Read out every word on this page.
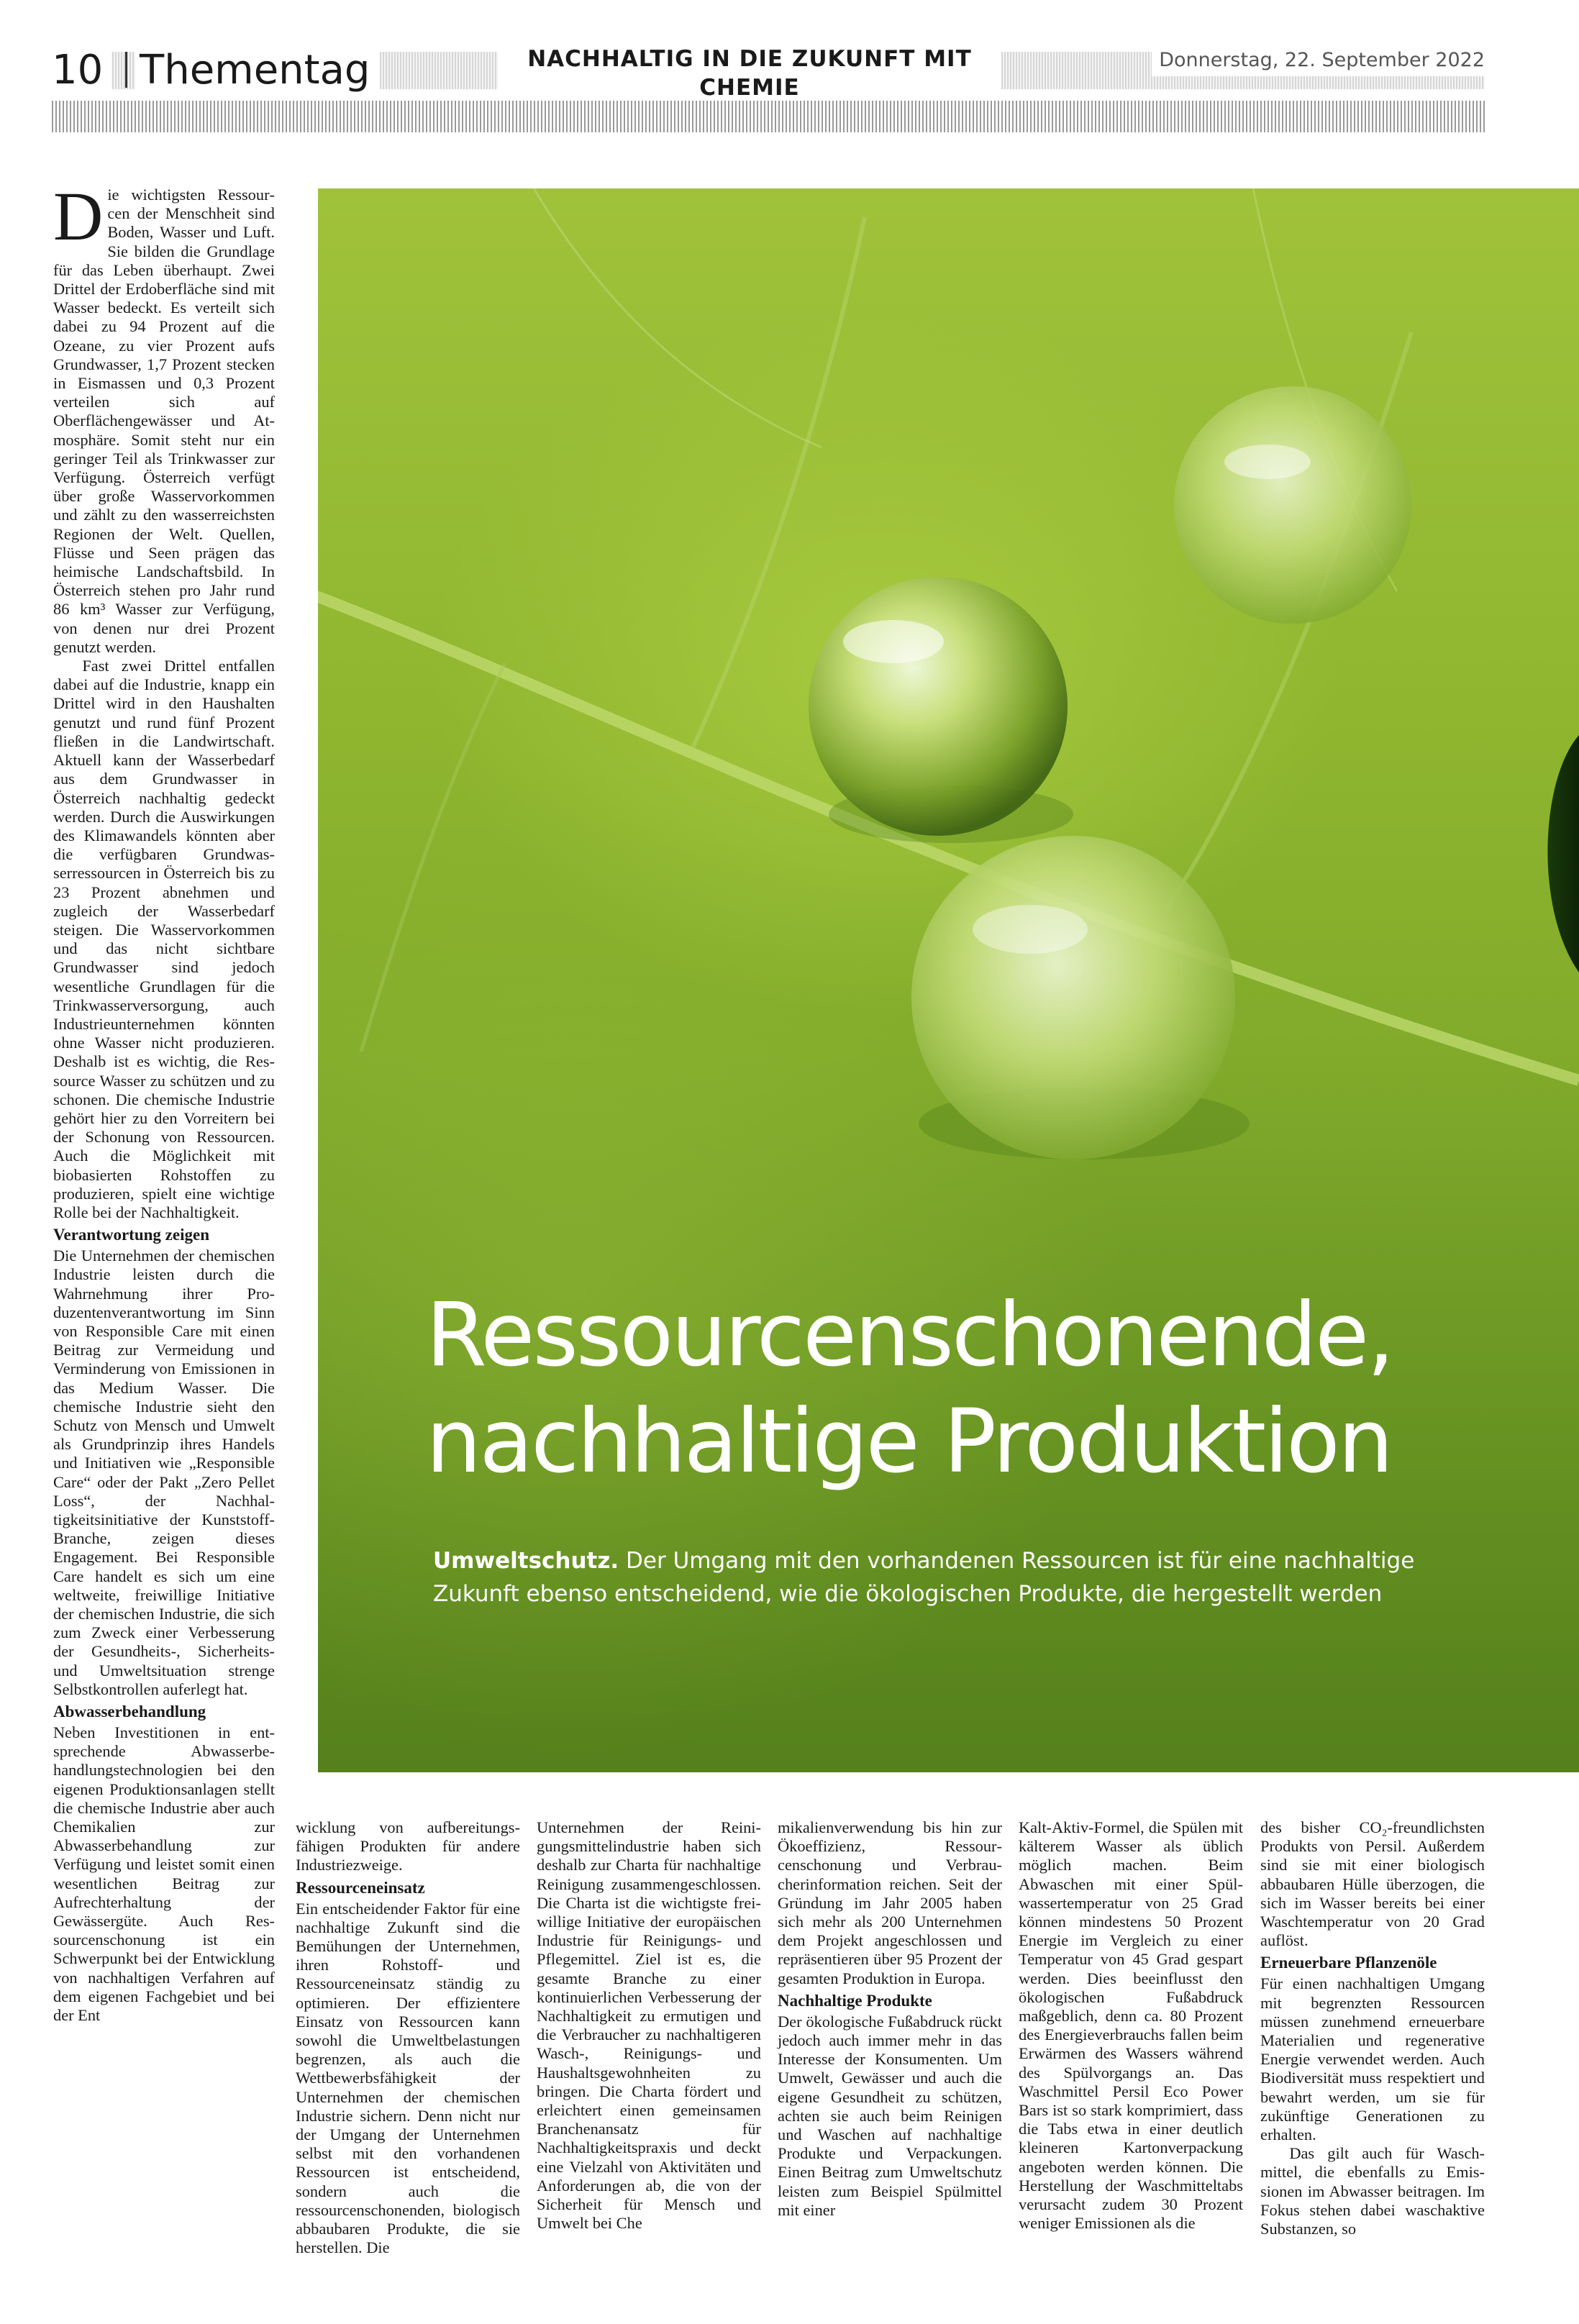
10 Thementag	NACHHALTIG IN DIE ZUKUNFT MIT CHEMIE
Donnerstag, 22. September 2022
Ressourcenschonende,
nachhaltige Produktion
Umweltschutz. Der Umgang mit den vorhandenen Ressourcen ist für eine nachhaltige Zukunft ebenso entscheidend, wie die ökologischen Produkte, die hergestellt werden

Die wichtigsten Ressourcen der Menschheit sind Boden, Wasser und Luft. Sie bilden die Grundlage für das Leben überhaupt. Zwei Drittel der Erdoberfläche sind mit Wasser bedeckt. Es verteilt sich dabei zu 94 Prozent auf die Ozeane, zu vier Prozent aufs Grundwasser, 1,7 Prozent stecken in Eismassen und 0,3 Prozent verteilen sich auf Oberflächengewässer und Atmosphäre. Somit steht nur ein geringer Teil als Trinkwasser zur Verfügung. Österreich verfügt über große Wasservorkommen und zählt zu den wasserreichsten Regionen der Welt. Quellen, Flüsse und Seen prägen das heimische Landschaftsbild. In Österreich stehen pro Jahr rund 86 km³ Wasser zur Verfügung, von denen nur drei Prozent genutzt werden.

Fast zwei Drittel entfallen dabei auf die Industrie, knapp ein Drittel wird in den Haushalten genutzt und rund fünf Prozent fließen in die Landwirtschaft. Aktuell kann der Wasserbedarf aus dem Grundwasser in Österreich nachhaltig gedeckt werden. Durch die Auswirkungen des Klimawandels könnten aber die verfügbaren Grundwasserressourcen in Österreich bis zu 23 Prozent abnehmen und zugleich der Wasserbedarf steigen. Die Wasservorkommen und das nicht sichtbare Grundwasser sind jedoch wesentliche Grundlagen für die Trinkwasserversorgung, auch Industrieunternehmen könnten ohne Wasser nicht produzieren. Deshalb ist es wichtig, die Ressource Wasser zu schützen und zu schonen. Die chemische Industrie gehört hier zu den Vorreitern bei der Schonung von Ressourcen. Auch die Möglichkeit mit biobasierten Rohstoffen zu produzieren, spielt eine wichtige Rolle bei der Nachhaltigkeit.

Verantwortung zeigen

Die Unternehmen der chemischen Industrie leisten durch die Wahrnehmung ihrer Produzentenverantwortung im Sinn von Responsible Care mit einen Beitrag zur Vermeidung und Verminderung von Emissionen in das Medium Wasser. Die chemische Industrie sieht den Schutz von Mensch und Umwelt als Grundprinzip ihres Handels und Initiativen wie „Responsible Care“ oder der Pakt „Zero Pellet Loss“, der Nachhaltigkeitsinitiative der Kunststoff-Branche, zeigen dieses Engagement. Bei Responsible Care handelt es sich um eine weltweite, freiwillige Initiative der chemischen Industrie, die sich zum Zweck einer Verbesserung der Gesundheits-, Sicherheits- und Umweltsituation strenge Selbstkontrollen auferlegt hat.

Abwasserbehandlung

Neben Investitionen in entsprechende Abwasserbehandlungstechnologien bei den eigenen Produktionsanlagen stellt die chemische Industrie aber auch Chemikalien zur Abwasserbehandlung zur Verfügung und leistet somit einen wesentlichen Beitrag zur Aufrechterhaltung der Gewässergüte. Auch Ressourcenschonung ist ein Schwerpunkt bei der Entwicklung von nachhaltigen Verfahren auf dem eigenen Fachgebiet und bei der Ent

wicklung von aufbereitungsfähigen Produkten für andere Industriezweige.

Ressourceneinsatz

Ein entscheidender Faktor für eine nachhaltige Zukunft sind die Bemühungen der Unternehmen, ihren Rohstoff- und Ressourceneinsatz ständig zu optimieren. Der effizientere Einsatz von Ressourcen kann sowohl die Umweltbelastungen begrenzen, als auch die Wettbewerbsfähigkeit der Unternehmen der chemischen Industrie sichern. Denn nicht nur der Umgang der Unternehmen selbst mit den vorhandenen Ressourcen ist entscheidend, sondern auch die ressourcenschonenden, biologisch abbaubaren Produkte, die sie herstellen. Die

Unternehmen der Reinigungsmittelindustrie haben sich deshalb zur Charta für nachhaltige Reinigung zusammengeschlossen. Die Charta ist die wichtigste freiwillige Initiative der europäischen Industrie für Reinigungs- und Pflegemittel. Ziel ist es, die gesamte Branche zu einer kontinuierlichen Verbesserung der Nachhaltigkeit zu ermutigen und die Verbraucher zu nachhaltigeren Wasch-, Reinigungs- und Haushaltsgewohnheiten zu bringen. Die Charta fördert und erleichtert einen gemeinsamen Branchenansatz für Nachhaltigkeitspraxis und deckt eine Vielzahl von Aktivitäten und Anforderungen ab, die von der Sicherheit für Mensch und Umwelt bei Che

mikalienverwendung bis hin zur Ökoeffizienz, Ressourcenschonung und Verbraucherinformation reichen. Seit der Gründung im Jahr 2005 haben sich mehr als 200 Unternehmen dem Projekt angeschlossen und repräsentieren über 95 Prozent der gesamten Produktion in Europa.

Nachhaltige Produkte

Der ökologische Fußabdruck rückt jedoch auch immer mehr in das Interesse der Konsumenten. Um Umwelt, Gewässer und auch die eigene Gesundheit zu schützen, achten sie auch beim Reinigen und Waschen auf nachhaltige Produkte und Verpackungen. Einen Beitrag zum Umweltschutz leisten zum Beispiel Spülmittel mit einer

Kalt-Aktiv-Formel, die Spülen mit kälterem Wasser als üblich möglich machen. Beim Abwaschen mit einer Spülwassertemperatur von 25 Grad können mindestens 50 Prozent Energie im Vergleich zu einer Temperatur von 45 Grad gespart werden. Dies beeinflusst den ökologischen Fußabdruck maßgeblich, denn ca. 80 Prozent des Energieverbrauchs fallen beim Erwärmen des Wassers während des Spülvorgangs an. Das Waschmittel Persil Eco Power Bars ist so stark komprimiert, dass die Tabs etwa in einer deutlich kleineren Kartonverpackung angeboten werden können. Die Herstellung der Waschmitteltabs verursacht zudem 30 Prozent weniger Emissionen als die

des bisher CO₂-freundlichsten Produkts von Persil. Außerdem sind sie mit einer biologisch abbaubaren Hülle überzogen, die sich im Wasser bereits bei einer Waschtemperatur von 20 Grad auflöst.

Erneuerbare Pflanzenöle

Für einen nachhaltigen Umgang mit begrenzten Ressourcen müssen zunehmend erneuerbare Materialien und regenerative Energie verwendet werden. Auch Biodiversität muss respektiert und bewahrt werden, um sie für zukünftige Generationen zu erhalten.

Das gilt auch für Waschmittel, die ebenfalls zu Emissionen im Abwasser beitragen. Im Fokus stehen dabei waschaktive Substanzen, so
